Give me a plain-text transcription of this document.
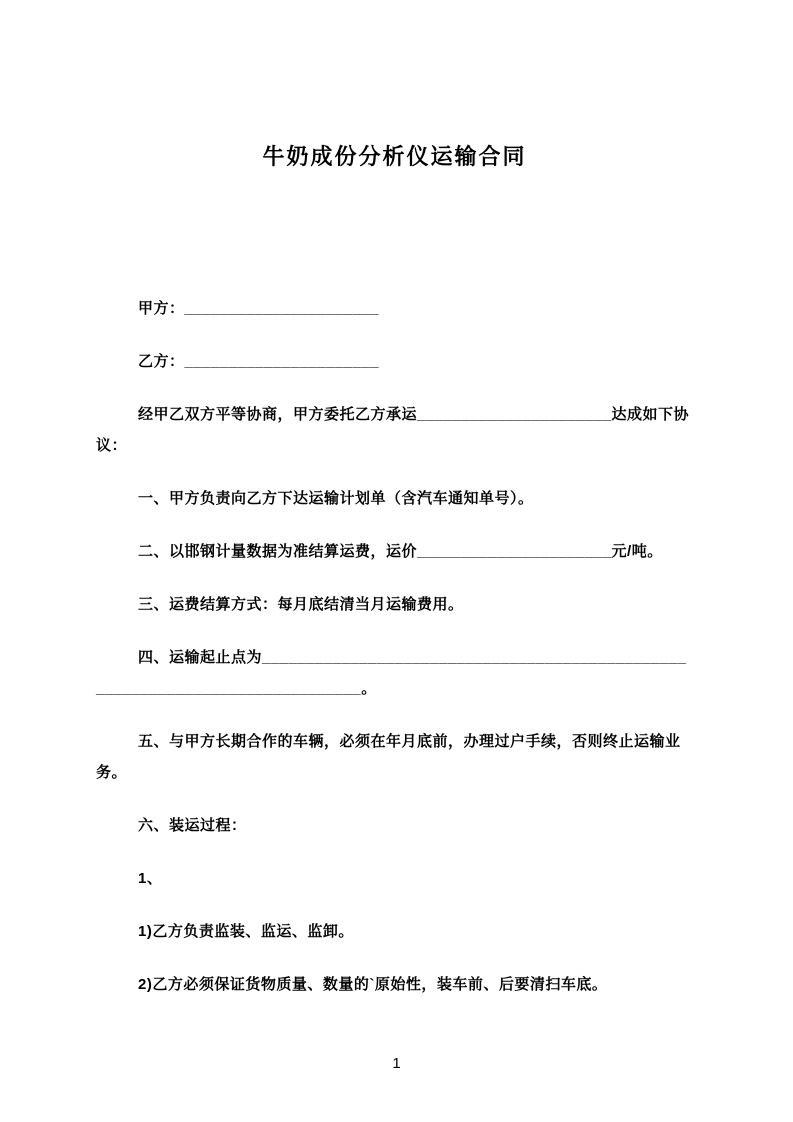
牛奶成份分析仪运输合同

甲方：______________________

乙方：______________________

经甲乙双方平等协商，甲方委托乙方承运______________________达成如下协议：

一、甲方负责向乙方下达运输计划单（含汽车通知单号）。

二、以邯钢计量数据为准结算运费，运价______________________元/吨。

三、运费结算方式：每月底结清当月运输费用。

四、运输起止点为______________________________________________________________________________。

五、与甲方长期合作的车辆，必须在年月底前，办理过户手续，否则终止运输业务。

六、装运过程：

1、

1)乙方负责监装、监运、监卸。

2)乙方必须保证货物质量、数量的`原始性，装车前、后要清扫车底。

1
